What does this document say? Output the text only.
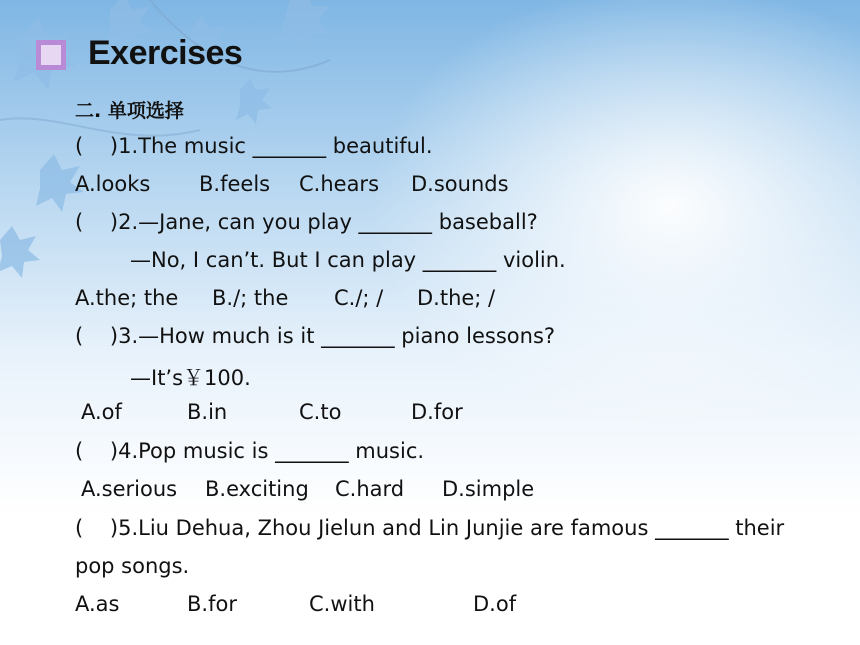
Exercises
二. 单项选择
(    )1.The music _______ beautiful.
A.looks B.feels C.hears D.sounds
(    )2.—Jane, can you play _______ baseball?
—No, I can’t. But I can play _______ violin.
A.the; the B./; the C./; / D.the; /
(    )3.—How much is it _______ piano lessons?
—It’s￥100.
A.of	B.in	C.to	D.for
(    )4.Pop music is _______ music.
A.serious B.exciting C.hard D.simple
(    )5.Liu Dehua, Zhou Jielun and Lin Junjie are famous _______ their
pop songs.
A.as	B.for	C.with	D.of
